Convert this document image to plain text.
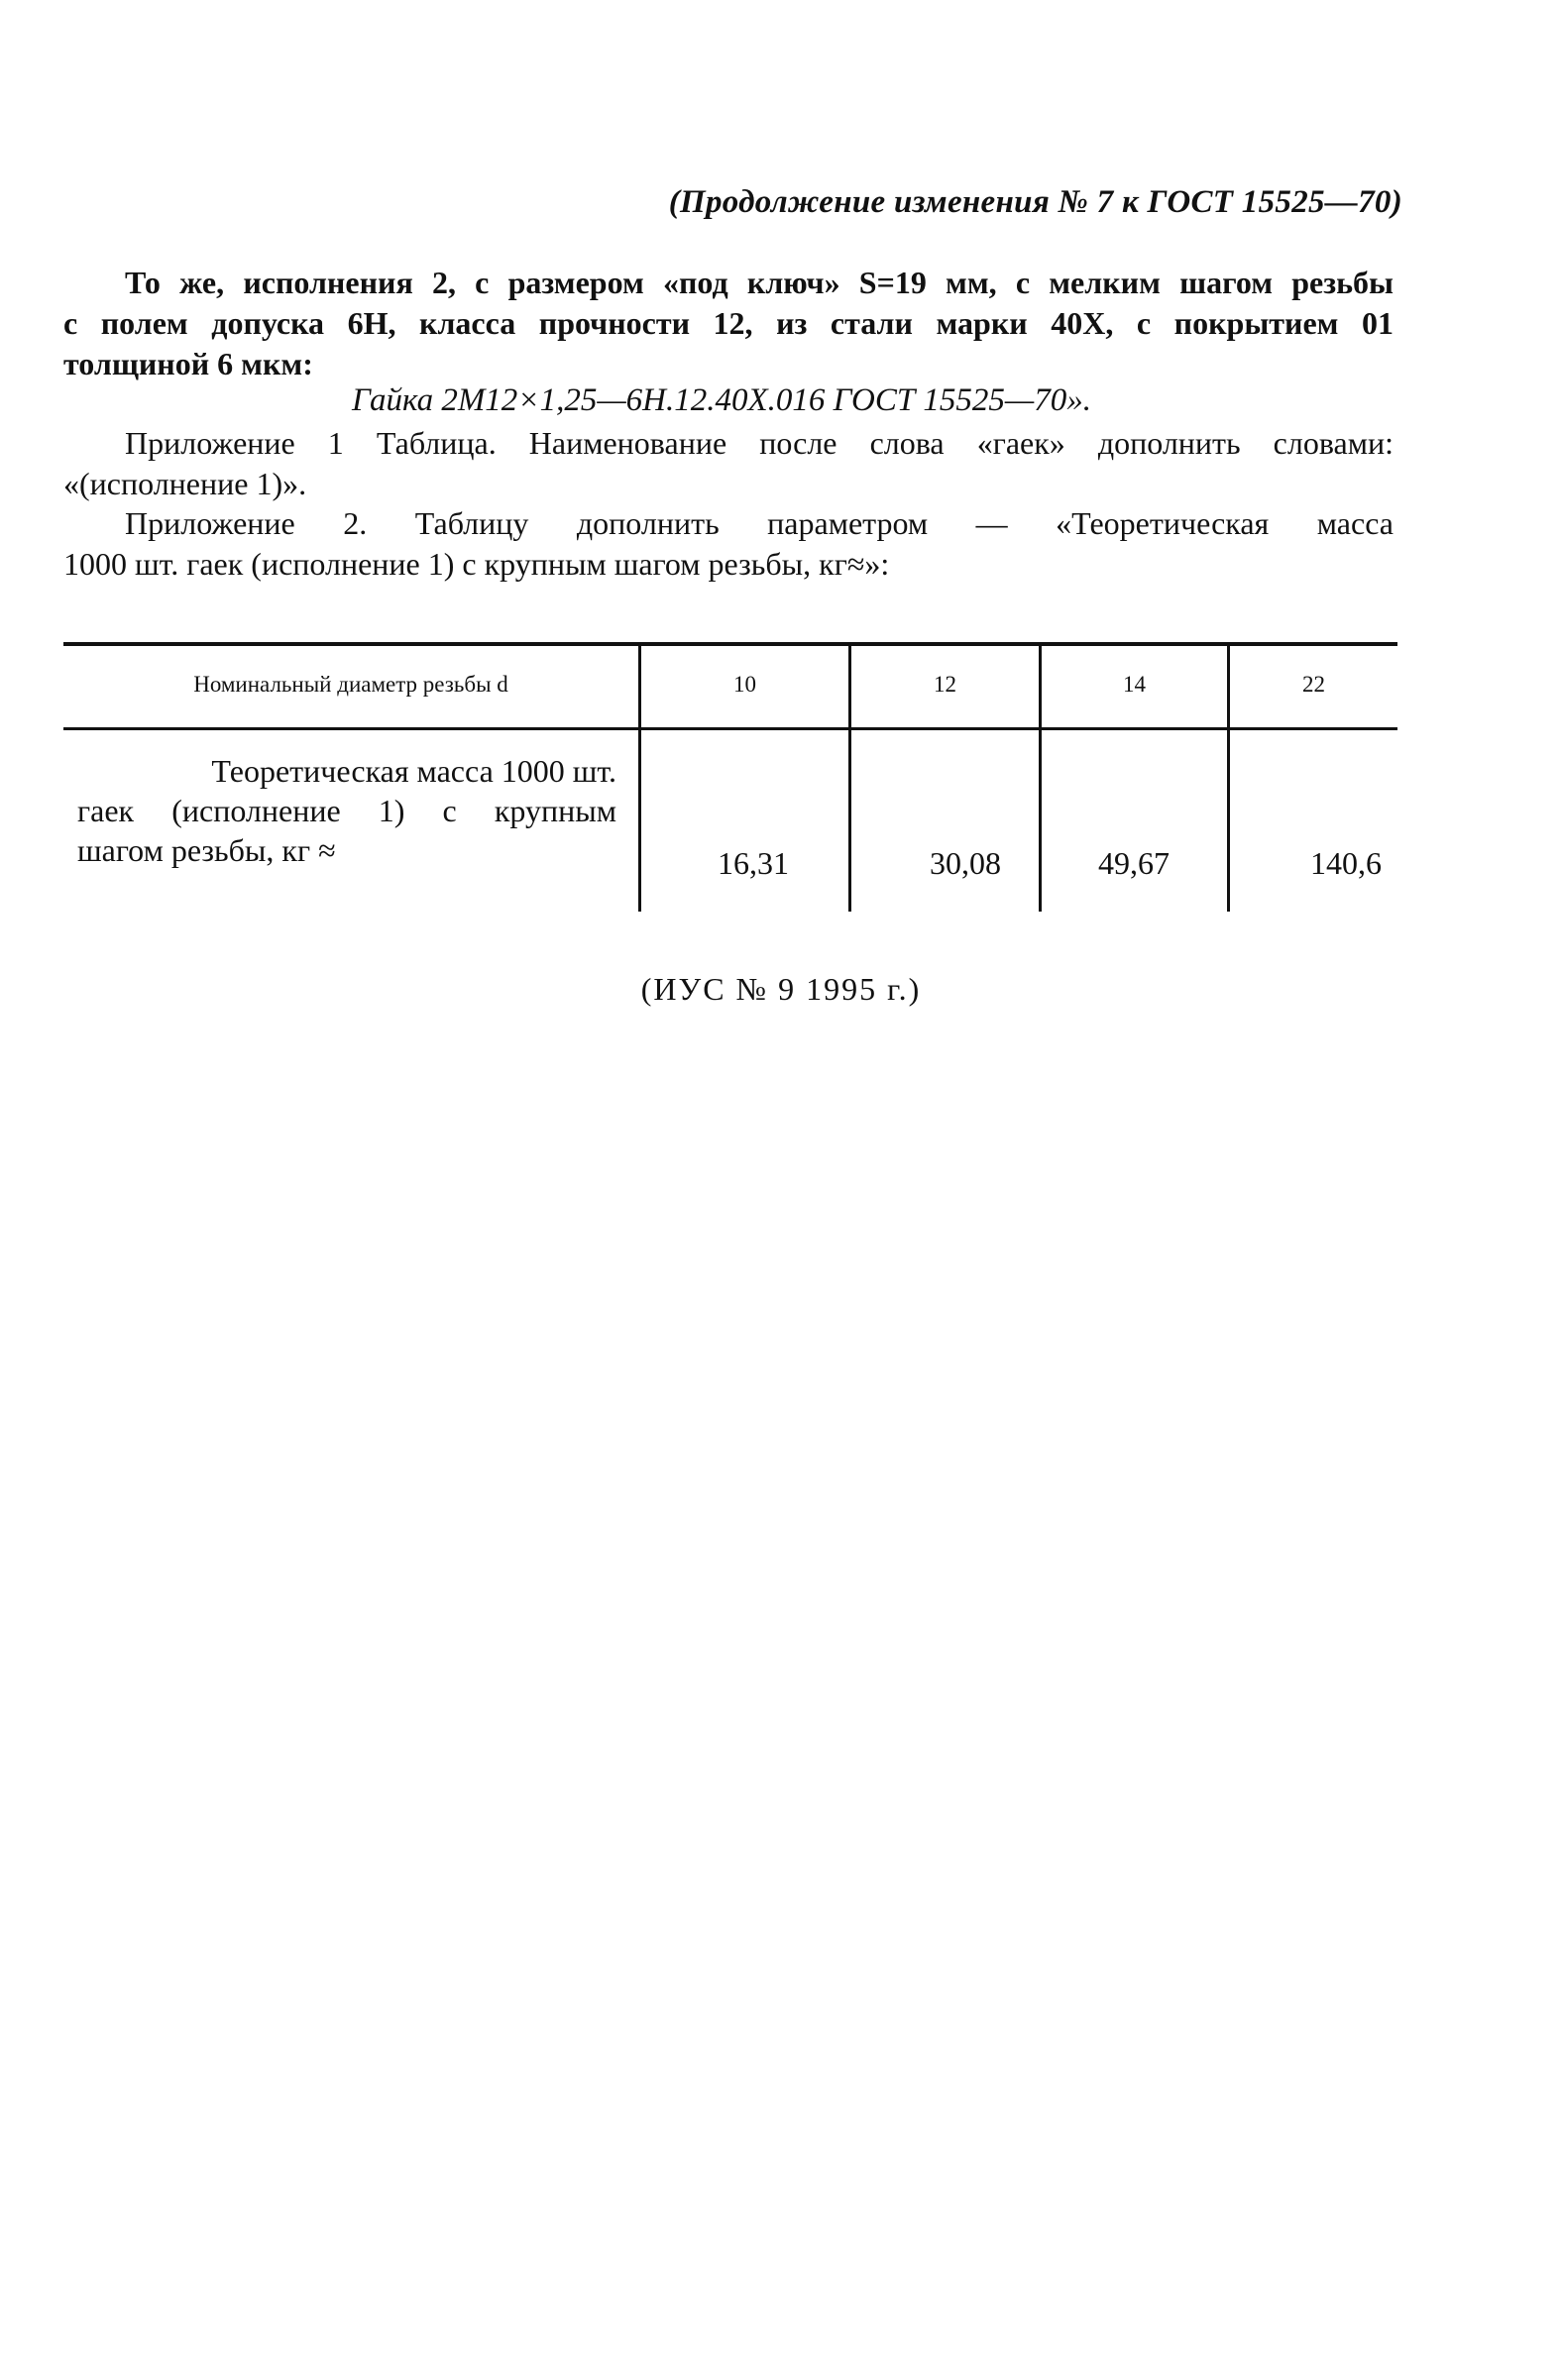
(Продолжение изменения № 7 к ГОСТ 15525—70)
То же, исполнения 2, с размером «под ключ» S=19 мм, с мелким шагом резьбы
с полем допуска 6Н, класса прочности 12, из стали марки 40Х, с покрытием 01
толщиной 6 мкм:
Гайка 2М12×1,25—6Н.12.40Х.016 ГОСТ 15525—70».
Приложение 1 Таблица. Наименование после слова «гаек» дополнить словами:
«(исполнение 1)».
Приложение 2. Таблицу дополнить параметром — «Теоретическая масса
1000 шт. гаек (исполнение 1) с крупным шагом резьбы, кг≈»:
Номинальный диаметр резьбы d	10	12	14	22
Теоретическая масса 1000 шт.
гаек (исполнение 1) с крупным
шагом резьбы, кг ≈	16,31	30,08	49,67	140,6
(ИУС № 9 1995 г.)
